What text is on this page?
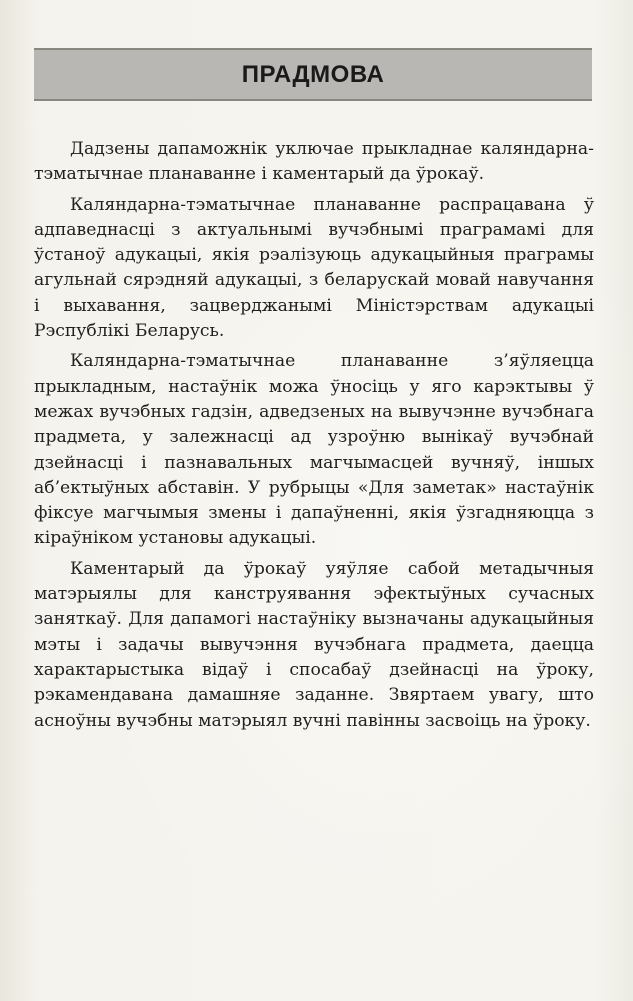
ПРАДМОВА

Дадзены дапаможнік уключае прыкладнае каляндарна-тэматычнае планаванне і каментарый да ўрокаў.

Каляндарна-тэматычнае планаванне распрацавана ў адпаведнасці з актуальнымі вучэбнымі праграмамі для ўстаноў адукацыі, якія рэалізуюць адукацыйныя праграмы агульнай сярэдняй адукацыі, з беларускай мовай навучання і выхавання, зацверджанымі Міністэрствам адукацыі Рэспублікі Беларусь.

Каляндарна-тэматычнае планаванне з’яўляецца прыкладным, настаўнік можа ўносіць у яго карэктывы ў межах вучэбных гадзін, адведзеных на вывучэнне вучэбнага прадмета, у залежнасці ад узроўню вынікаў вучэбнай дзейнасці і пазнавальных магчымасцей вучняў, іншых аб’ектыўных абставін. У рубрыцы «Для заметак» настаўнік фіксуе магчымыя змены і дапаўненні, якія ўзгадняюцца з кіраўніком установы адукацыі.

Каментарый да ўрокаў уяўляе сабой метадычныя матэрыялы для канструявання эфектыўных сучасных заняткаў. Для дапамогі настаўніку вызначаны адукацыйныя мэты і задачы вывучэння вучэбнага прадмета, даецца характарыстыка відаў і спосабаў дзейнасці на ўроку, рэкамендавана дамашняе заданне. Звяртаем увагу, што асноўны вучэбны матэрыял вучні павінны засвоіць на ўроку.
